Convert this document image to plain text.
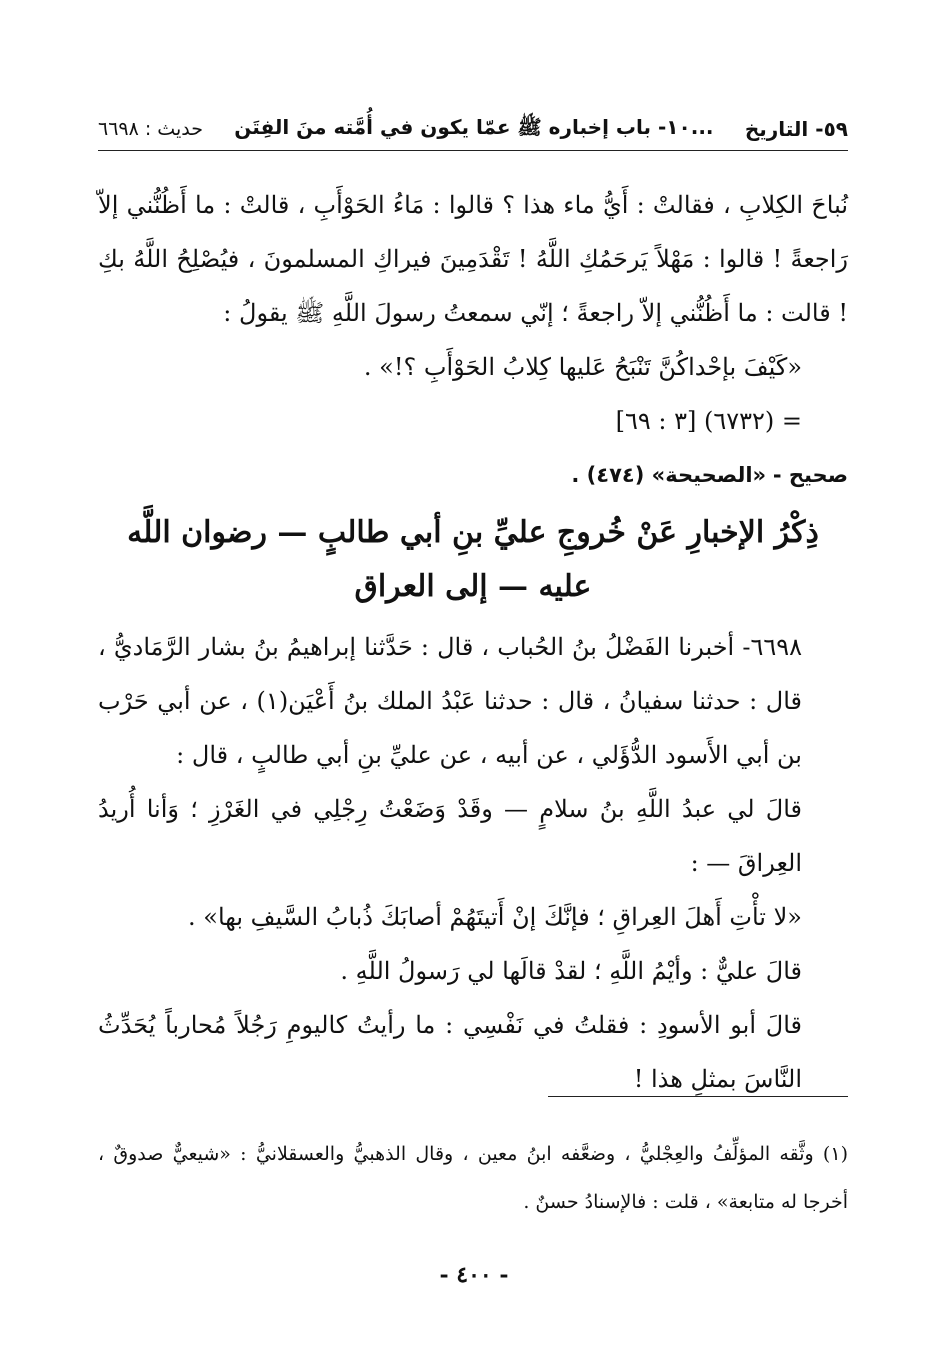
حديث : ٦٦٩٨ ١٠- باب إخباره ﷺ عمّا يكون في أُمَّته منَ الفِتَن... ٥٩- التاريخ

نُباحَ الكِلابِ ، فقالتْ : أَيُّ ماء هذا ؟ قالوا : مَاءُ الحَوْأَبِ ، قالتْ : ما أَظُنُّني إلاّ رَاجعةً ! قالوا : مَهْلاً يَرحَمُكِ اللَّهُ ! تَقْدَمِينَ فيراكِ المسلمونَ ، فيُصْلِحُ اللَّهُ بكِ ! قالت : ما أَظُنُّني إلاّ راجعةً ؛ إنّي سمعتُ رسولَ اللَّهِ ﷺ يقولُ :

«كَيْفَ بإحْداكُنَّ تَنْبَحُ عَليها كِلابُ الحَوْأَبِ ؟!» .

= (٦٧٣٢) [٣ : ٦٩]

صحيح - «الصحيحة» (٤٧٤) .

ذِكْرُ الإخبارِ عَنْ خُروجِ عليِّ بنِ أبي طالبٍ — رضوان اللَّه عليه — إلى العراق

٦٦٩٨- أخبرنا الفَضْلُ بنُ الحُباب ، قال : حَدَّثنا إبراهيمُ بنُ بشار الرَّمَاديُّ ، قال : حدثنا سفيانُ ، قال : حدثنا عَبْدُ الملك بنُ أَعْيَن(١) ، عن أبي حَرْب بن أبي الأَسود الدُّؤَلي ، عن أبيه ، عن عليِّ بنِ أبي طالبٍ ، قال :

قالَ لي عبدُ اللَّهِ بنُ سلامٍ — وقَدْ وَضَعْتُ رِجْلِي في الغَرْزِ ؛ وَأنا أُريدُ العِراقَ — :

«لا تأْتِ أَهلَ العِراقِ ؛ فإنَّكَ إنْ أَتيتَهُمْ أصابَكَ ذُبابُ السَّيفِ بها» .

قالَ عليٌّ : وأيْمُ اللَّهِ ؛ لقدْ قالَها لي رَسولُ اللَّهِ .

قالَ أبو الأسودِ : فقلتُ في نَفْسِي : ما رأيتُ كاليومِ رَجُلاً مُحارباً يُحَدِّثُ النَّاسَ بمثلِ هذا !

(١) وثَّقه المؤلِّفُ والعِجْليُّ ، وضعَّفه ابنُ معين ، وقال الذهبيُّ والعسقلانيُّ : «شيعيٌّ صدوقٌ ، أخرجا له متابعة» ، قلت : فالإسنادُ حسنٌ .

- ٤٠٠ -
